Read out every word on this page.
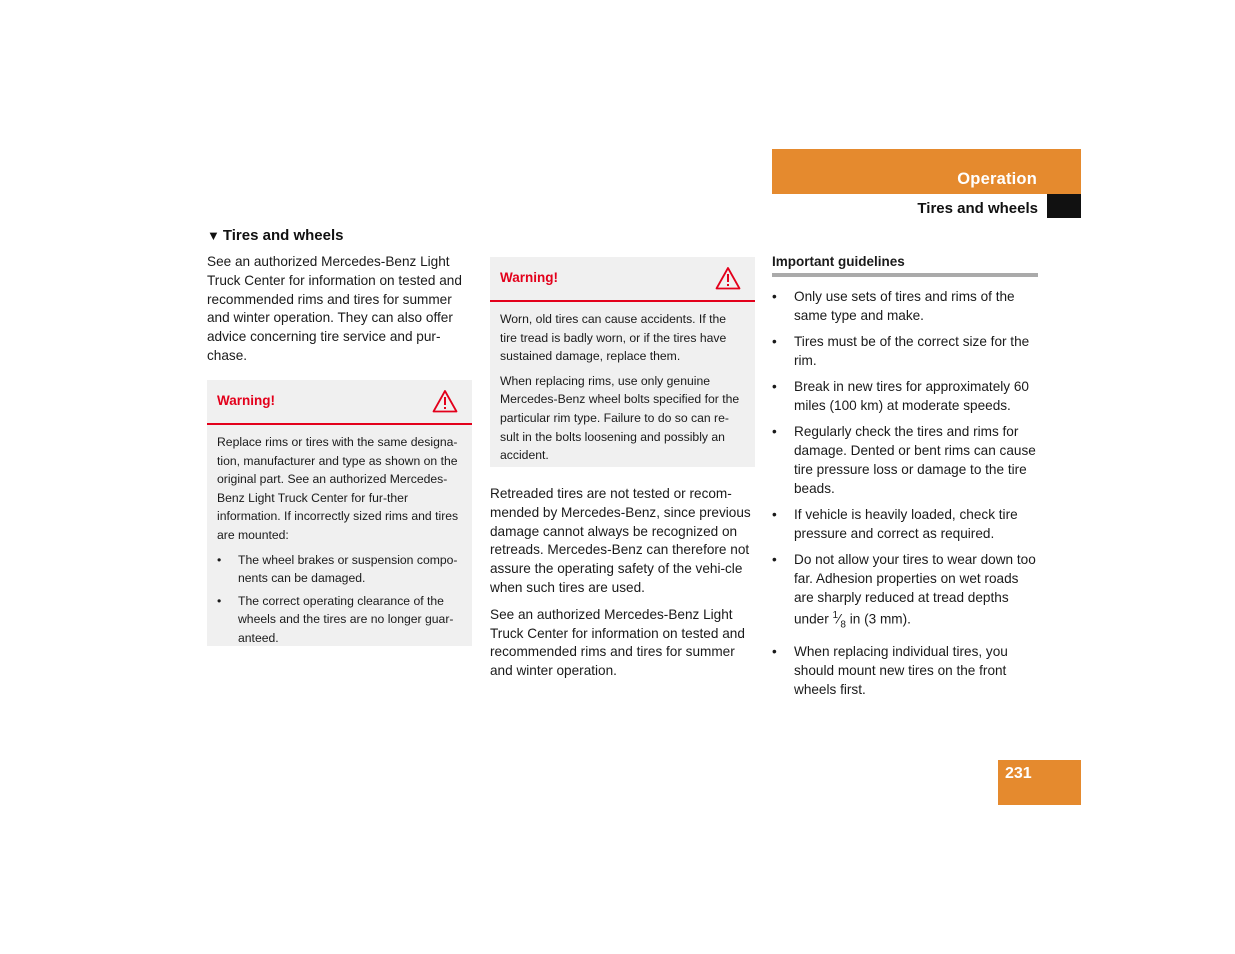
Operation
Tires and wheels
▼ Tires and wheels

See an authorized Mercedes-Benz Light Truck Center for information on tested and recommended rims and tires for summer and winter operation. They can also offer advice concerning tire service and pur-chase.

Warning!

Replace rims or tires with the same designa-tion, manufacturer and type as shown on the original part. See an authorized Mercedes-Benz Light Truck Center for fur-ther information. If incorrectly sized rims and tires are mounted:

• The wheel brakes or suspension compo-nents can be damaged.
• The correct operating clearance of the wheels and the tires are no longer guar-anteed.
Warning!

Worn, old tires can cause accidents. If the tire tread is badly worn, or if the tires have sustained damage, replace them.

When replacing rims, use only genuine Mercedes-Benz wheel bolts specified for the particular rim type. Failure to do so can re-sult in the bolts loosening and possibly an accident.

Retreaded tires are not tested or recom-mended by Mercedes-Benz, since previous damage cannot always be recognized on retreads. Mercedes-Benz can therefore not assure the operating safety of the vehi-cle when such tires are used.

See an authorized Mercedes-Benz Light Truck Center for information on tested and recommended rims and tires for summer and winter operation.

Important guidelines
• Only use sets of tires and rims of the same type and make.
• Tires must be of the correct size for the rim.
• Break in new tires for approximately 60 miles (100 km) at moderate speeds.
• Regularly check the tires and rims for damage. Dented or bent rims can cause tire pressure loss or damage to the tire beads.
• If vehicle is heavily loaded, check tire pressure and correct as required.
• Do not allow your tires to wear down too far. Adhesion properties on wet roads are sharply reduced at tread depths under $^1⁄_8$ in (3 mm).
• When replacing individual tires, you should mount new tires on the front wheels first.
231
